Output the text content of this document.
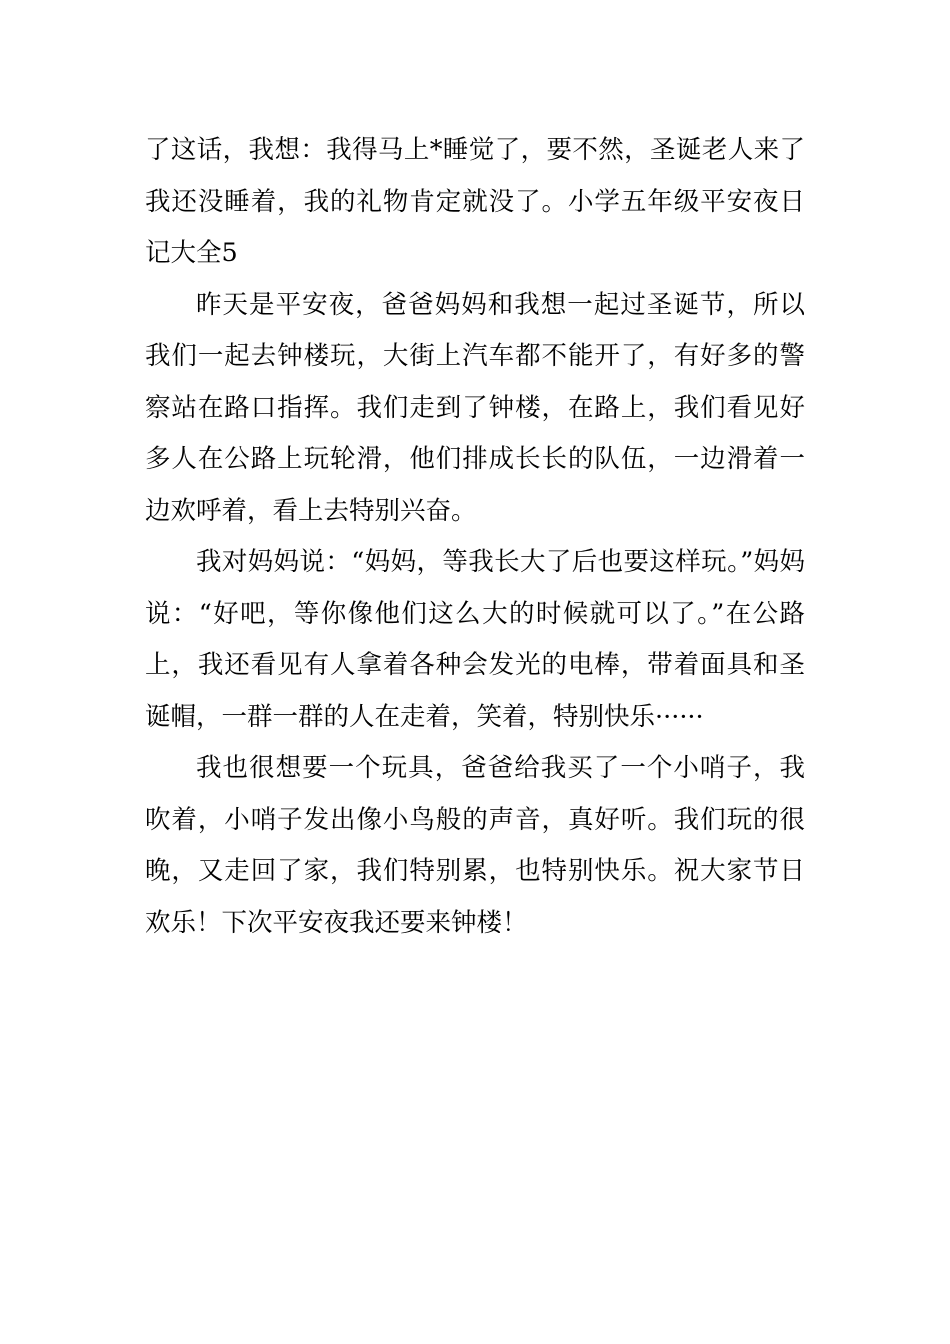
了这话，我想：我得马上*睡觉了，要不然，圣诞老人来了我还没睡着，我的礼物肯定就没了。小学五年级平安夜日记大全5

昨天是平安夜，爸爸妈妈和我想一起过圣诞节，所以我们一起去钟楼玩，大街上汽车都不能开了，有好多的警察站在路口指挥。我们走到了钟楼，在路上，我们看见好多人在公路上玩轮滑，他们排成长长的队伍，一边滑着一边欢呼着，看上去特别兴奋。

我对妈妈说：“妈妈，等我长大了后也要这样玩。”妈妈说：“好吧，等你像他们这么大的时候就可以了。”在公路上，我还看见有人拿着各种会发光的电棒，带着面具和圣诞帽，一群一群的人在走着，笑着，特别快乐······

我也很想要一个玩具，爸爸给我买了一个小哨子，我吹着，小哨子发出像小鸟般的声音，真好听。我们玩的很晚，又走回了家，我们特别累，也特别快乐。祝大家节日欢乐！下次平安夜我还要来钟楼！
